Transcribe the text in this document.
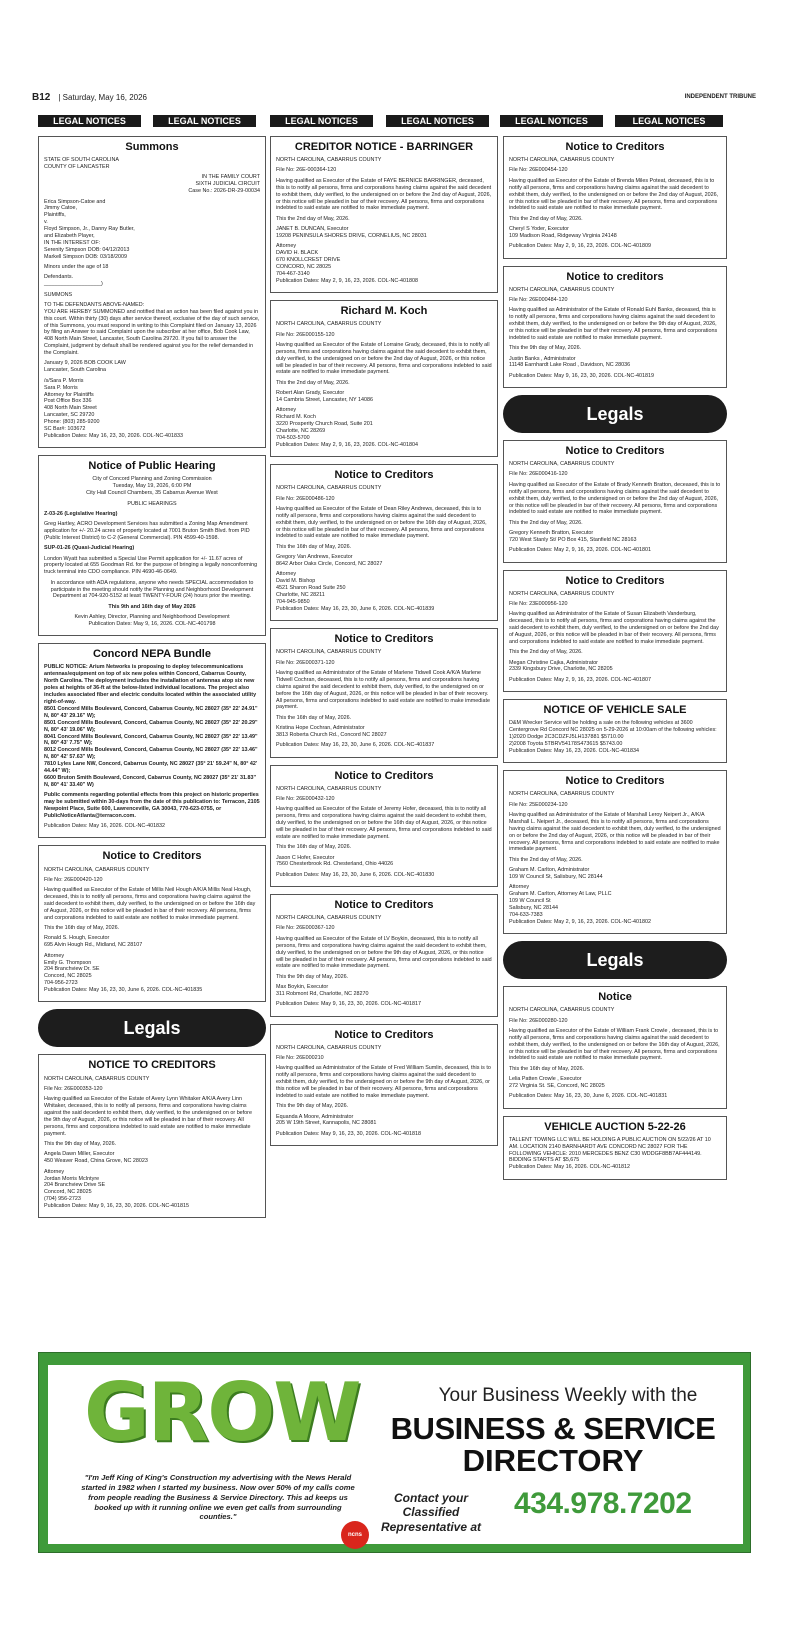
B12 | Saturday, May 16, 2026	INDEPENDENT TRIBUNE
LEGAL NOTICES	LEGAL NOTICES	LEGAL NOTICES	LEGAL NOTICES	LEGAL NOTICES	LEGAL NOTICES
Summons

STATE OF SOUTH CAROLINA
COUNTY OF LANCASTER

IN THE FAMILY COURT
SIXTH JUDICIAL CIRCUIT
Case No.: 2026-DR-29-00034

Erica Simpson-Catoe and
Jimmy Catoe,
Plaintiffs,
v.
Floyd Simpson, Jr., Danny Ray Butler,
and Elizabeth Player,
IN THE INTEREST OF:
Serenity Simpson DOB: 04/12/2013
Markell Simpson DOB: 03/18/2009

Minors under the age of 18

Defendants.
___________________)

SUMMONS

TO THE DEFENDANTS ABOVE-NAMED:
YOU ARE HEREBY SUMMONED and notified that an action has been filed against you in this court. Within thirty (30) days after service thereof, exclusive of the day of such service, of this Summons, you must respond in writing to this Complaint filed on January 13, 2026 by filing an Answer to said Complaint upon the subscriber at her office, Bob Cook Law, 408 North Main Street, Lancaster, South Carolina 29720. If you fail to answer the Complaint, judgment by default shall be rendered against you for the relief demanded in the Complaint.

January 9, 2026 BOB COOK LAW
Lancaster, South Carolina

/s/Sara P. Morris
Sara P. Morris
Attorney for Plaintiffs
Post Office Box 336
408 North Main Street
Lancaster, SC 29720
Phone: (803) 285-9200
SC Bar#: 103672
Publication Dates: May 16, 23, 30, 2026. COL-NC-401833

Notice of Public Hearing

City of Concord Planning and Zoning Commission
Tuesday, May 19, 2026, 6:00 PM
City Hall Council Chambers, 35 Cabarrus Avenue West

PUBLIC HEARINGS

Z-03-26 (Legislative Hearing)

Greg Hartley, ACRO Development Services has submitted a Zoning Map Amendment application for +/- 20.24 acres of property located at 7001 Bruton Smith Blvd. from PID (Public Interest District) to C-2 (General Commercial). PIN 4599-40-1598.

SUP-01-26 (Quasi-Judicial Hearing)

London Wyatt has submitted a Special Use Permit application for +/- 11.67 acres of property located at 655 Goodman Rd. for the purpose of bringing a legally nonconforming truck terminal into CDO compliance. PIN 4690-46-0649.

In accordance with ADA regulations, anyone who needs SPECIAL accommodation to participate in the meeting should notify the Planning and Neighborhood Development Department at 704-920-5152 at least TWENTY-FOUR (24) hours prior the meeting.

This 9th and 16th day of May 2026

Kevin Ashley, Director, Planning and Neighborhood Development
Publication Dates: May 9, 16, 2026. COL-NC-401798

Concord NEPA Bundle

PUBLIC NOTICE: Arium Networks is proposing to deploy telecommunications antennas/equipment on top of six new poles within Concord, Cabarrus County, North Carolina. The deployment includes the installation of antennas atop six new poles at heights of 36-ft at the below-listed individual locations. The project also includes associated fiber and electric conduits located within the associated utility right-of-way.
8501 Concord Mills Boulevard, Concord, Cabarrus County, NC 28027 (35° 22' 24.91" N, 80° 43' 29.16" W);
8501 Concord Mills Boulevard, Concord, Cabarrus County, NC 28027 (35° 22' 20.29" N, 80° 43' 19.06" W);
8041 Concord Mills Boulevard, Concord, Cabarrus County, NC 28027 (35° 22' 13.49" N, 80° 43' 7.75" W);
8012 Concord Mills Boulevard, Concord, Cabarrus County, NC 28027 (35° 22' 13.46" N, 80° 42' 57.63" W);
7810 Lyles Lane NW, Concord, Cabarrus County, NC 28027 (35° 21' 59.24" N, 80° 42' 44.44" W);
6600 Bruton Smith Boulevard, Concord, Cabarrus County, NC 28027 (35° 21' 31.83" N, 80° 41' 33.40" W)

Public comments regarding potential effects from this project on historic properties may be submitted within 30-days from the date of this publication to: Terracon, 2105 Newpoint Place, Suite 600, Lawrenceville, GA 30043, 770-623-0755, or PublicNoticeAtlanta@terracon.com.

Publication Dates: May 16, 2026. COL-NC-401832

Notice to Creditors

NORTH CAROLINA, CABARRUS COUNTY

File No: 26E000420-120

Having qualified as Executor of the Estate of Millis Neil Hough A/K/A Millis Neal Hough, deceased, this is to notify all persons, firms and corporations having claims against the said decedent to exhibit them, duly verified, to the undersigned on or before the 16th day of August, 2026, or this notice will be pleaded in bar of their recovery. All persons, firms and corporations indebted to said estate are notified to make immediate payment.

This the 16th day of May, 2026.

Ronald S. Hough, Executor
695 Alvin Hough Rd., Midland, NC 28107

Attorney
Emily G. Thompson
204 Branchview Dr. SE
Concord, NC 28025
704-956-2723
Publication Dates: May 16, 23, 30, June 6, 2026. COL-NC-401835

Legals
NOTICE TO CREDITORS

NORTH CAROLINA, CABARRUS COUNTY

File No: 26E000353-120

Having qualified as Executor of the Estate of Avery Lynn Whitaker A/K/A Avery Linn Whitaker, deceased, this is to notify all persons, firms and corporations having claims against the said decedent to exhibit them, duly verified, to the undersigned on or before the 9th day of August, 2026, or this notice will be pleaded in bar of their recovery. All persons, firms and corporations indebted to said estate are notified to make immediate payment.

This the 9th day of May, 2026.

Angela Dawn Miller, Executor
450 Weaver Road, China Grove, NC 28023

Attorney
Jordan Morris McIntyre
204 Branchview Drive SE
Concord, NC 28025
(704) 956-2723
Publication Dates: May 9, 16, 23, 30, 2026. COL-NC-401815

CREDITOR NOTICE - BARRINGER

NORTH CAROLINA, CABARRUS COUNTY

File No: 26E-000364-120

Having qualified as Executor of the Estate of FAYE BERNICE BARRINGER, deceased, this is to notify all persons, firms and corporations having claims against the said decedent to exhibit them, duly verified, to the undersigned on or before the 2nd day of August, 2026, or this notice will be pleaded in bar of their recovery. All persons, firms and corporations indebted to said estate are notified to make immediate payment.

This the 2nd day of May, 2026.

JANET B. DUNCAN, Executor
19208 PENINSULA SHORES DRIVE, CORNELIUS, NC 28031

Attorney
DAVID H. BLACK
670 KNOLLCREST DRIVE
CONCORD, NC 28025
704-467-3140
Publication Dates: May 2, 9, 16, 23, 2026. COL-NC-401808

Richard M. Koch

NORTH CAROLINA, CABARRUS COUNTY

File No: 26E000155-120

Having qualified as Executor of the Estate of Lorraine Grady, deceased, this is to notify all persons, firms and corporations having claims against the said decedent to exhibit them, duly verified, to the undersigned on or before the 2nd day of August, 2026, or this notice will be pleaded in bar of their recovery. All persons, firms and corporations indebted to said estate are notified to make immediate payment.

This the 2nd day of May, 2026.

Robert Alan Grady, Executor
14 Cambria Street, Lancaster, NY 14086

Attorney
Richard M. Koch
3220 Prosperity Church Road, Suite 201
Charlotte, NC 28269
704-503-5700
Publication Dates: May 2, 9, 16, 23, 2026. COL-NC-401804

Notice to Creditors

NORTH CAROLINA, CABARRUS COUNTY

File No: 26E000486-120

Having qualified as Executor of the Estate of Dean Riley Andrews, deceased, this is to notify all persons, firms and corporations having claims against the said decedent to exhibit them, duly verified, to the undersigned on or before the 16th day of August, 2026, or this notice will be pleaded in bar of their recovery. All persons, firms and corporations indebted to said estate are notified to make immediate payment.

This the 16th day of May, 2026.

Gregory Van Andrews, Executor
8642 Arbor Oaks Circle, Concord, NC 28027

Attorney
David M. Bishop
4521 Sharon Road Suite 250
Charlotte, NC 28211
704-945-9850
Publication Dates: May 16, 23, 30, June 6, 2026. COL-NC-401839

Notice to Creditors

NORTH CAROLINA, CABARRUS COUNTY

File No: 26E000371-120

Having qualified as Administrator of the Estate of Marlene Tidwell Cook A/K/A Marlene Tidwell Cochran, deceased, this is to notify all persons, firms and corporations having claims against the said decedent to exhibit them, duly verified, to the undersigned on or before the 16th day of August, 2026, or this notice will be pleaded in bar of their recovery. All persons, firms and corporations indebted to said estate are notified to make immediate payment.

This the 16th day of May, 2026.

Kristina Hope Cochran, Administrator
3813 Roberta Church Rd., Concord NC 28027

Publication Dates: May 16, 23, 30, June 6, 2026. COL-NC-401837

Notice to Creditors

NORTH CAROLINA, CABARRUS COUNTY

File No: 26E000432-120

Having qualified as Executor of the Estate of Jeremy Hofer, deceased, this is to notify all persons, firms and corporations having claims against the said decedent to exhibit them, duly verified, to the undersigned on or before the 16th day of August, 2026, or this notice will be pleaded in bar of their recovery. All persons, firms and corporations indebted to said estate are notified to make immediate payment.

This the 16th day of May, 2026.

Jason C Hofer, Executor
7560 Chesterbrook Rd. Chesterland, Ohio 44026

Publication Dates: May 16, 23, 30, June 6, 2026. COL-NC-401830

Notice to Creditors

NORTH CAROLINA, CABARRUS COUNTY

File No: 26E000367-120

Having qualified as Executor of the Estate of LV Boykin, deceased, this is to notify all persons, firms and corporations having claims against the said decedent to exhibit them, duly verified, to the undersigned on or before the 9th day of August, 2026, or this notice will be pleaded in bar of their recovery. All persons, firms and corporations indebted to said estate are notified to make immediate payment.

This the 9th day of May, 2026.

Max Boykin, Executor
311 Robmont Rd, Charlotte, NC 28270

Publication Dates: May 9, 16, 23, 30, 2026. COL-NC-401817

Notice to Creditors

NORTH CAROLINA, CABARRUS COUNTY

File No: 26E000210

Having qualified as Administrator of the Estate of Fred William Sumlin, deceased, this is to notify all persons, firms and corporations having claims against the said decedent to exhibit them, duly verified, to the undersigned on or before the 9th day of August, 2026, or this notice will be pleaded in bar of their recovery. All persons, firms and corporations indebted to said estate are notified to make immediate payment.

This the 9th day of May, 2026.

Equanda A Moore, Administrator
205 W 19th Street, Kannapolis, NC 28081

Publication Dates: May 9, 16, 23, 30, 2026. COL-NC-401818

Notice to Creditors

NORTH CAROLINA, CABARRUS COUNTY

File No: 26E000454-120

Having qualified as Executor of the Estate of Brenda Miles Poteat, deceased, this is to notify all persons, firms and corporations having claims against the said decedent to exhibit them, duly verified, to the undersigned on or before the 2nd day of August, 2026, or this notice will be pleaded in bar of their recovery. All persons, firms and corporations indebted to said estate are notified to make immediate payment.

This the 2nd day of May, 2026.

Cheryl S Yoder, Executor
109 Madison Road, Ridgeway Virginia 24148

Publication Dates: May 2, 9, 16, 23, 2026. COL-NC-401809

Notice to creditors

NORTH CAROLINA, CABARRUS COUNTY

File No: 26E000484-120

Having qualified as Administrator of the Estate of Ronald Euhl Banks, deceased, this is to notify all persons, firms and corporations having claims against the said decedent to exhibit them, duly verified, to the undersigned on or before the 9th day of August, 2026, or this notice will be pleaded in bar of their recovery. All persons, firms and corporations indebted to said estate are notified to make immediate payment.

This the 9th day of May, 2026.

Justin Banks , Administrator
11148 Earnhardt Lake Road , Davidson, NC 28036

Publication Dates: May 9, 16, 23, 30, 2026. COL-NC-401819

Legals
Notice to Creditors

NORTH CAROLINA, CABARRUS COUNTY

File No: 26E000416-120

Having qualified as Executor of the Estate of Brady Kenneth Bratton, deceased, this is to notify all persons, firms and corporations having claims against the said decedent to exhibit them, duly verified, to the undersigned on or before the 2nd day of August, 2026, or this notice will be pleaded in bar of their recovery. All persons, firms and corporations indebted to said estate are notified to make immediate payment.

This the 2nd day of May, 2026.

Gregory Kenneth Bratton, Executor
720 West Stanly St/ PO Box 415, Stanfield NC 28163

Publication Dates: May 2, 9, 16, 23, 2026. COL-NC-401801

Notice to Creditors

NORTH CAROLINA, CABARRUS COUNTY

File No: 23E000956-120

Having qualified as Administrator of the Estate of Susan Elizabeth Vanderburg, deceased, this is to notify all persons, firms and corporations having claims against the said decedent to exhibit them, duly verified, to the undersigned on or before the 2nd day of August, 2026, or this notice will be pleaded in bar of their recovery. All persons, firms and corporations indebted to said estate are notified to make immediate payment.

This the 2nd day of May, 2026.

Megan Christine Cajka, Administrator
2339 Kingsbury Drive, Charlotte, NC 28205

Publication Dates: May 2, 9, 16, 23, 2026. COL-NC-401807

NOTICE OF VEHICLE SALE

D&M Wrecker Service will be holding a sale on the following vehicles at 3600 Centergrove Rd Concord NC 28025 on 5-29-2026 at 10:00am of the following vehicles:
1)2020 Dodge 2C3CDZFJ5LH137881 $5710.00
2)2008 Toyota 5TBRV54178S473615 $5743.00
Publication Dates: May 16, 23, 2026. COL-NC-401834

Notice to Creditors

NORTH CAROLINA, CABARRUS COUNTY

File No: 25E000234-120

Having qualified as Administrator of the Estate of Marshall Leroy Neipert Jr., A/K/A Marshall L. Neipert Jr., deceased, this is to notify all persons, firms and corporations having claims against the said decedent to exhibit them, duly verified, to the undersigned on or before the 2nd day of August, 2026, or this notice will be pleaded in bar of their recovery. All persons, firms and corporations indebted to said estate are notified to make immediate payment.

This the 2nd day of May, 2026.

Graham M. Carlton, Administrator
109 W Council St, Salisbury, NC 28144

Attorney
Graham M. Carlton, Attorney At Law, PLLC
109 W Council St
Salisbury, NC 28144
704-633-7383
Publication Dates: May 2, 9, 16, 23, 2026. COL-NC-401802

Legals
Notice

NORTH CAROLINA, CABARRUS COUNTY

File No: 26E000280-120

Having qualified as Executor of the Estate of William Frank Crowle , deceased, this is to notify all persons, firms and corporations having claims against the said decedent to exhibit them, duly verified, to the undersigned on or before the 16th day of August, 2026, or this notice will be pleaded in bar of their recovery. All persons, firms and corporations indebted to said estate are notified to make immediate payment.

This the 16th day of May, 2026.

Lelia Patten Crowle , Executor
272 Virginia St. SE, Concord, NC 28025

Publication Dates: May 16, 23, 30, June 6, 2026. COL-NC-401831

VEHICLE AUCTION 5-22-26

TALLENT TOWING LLC WILL BE HOLDING A PUBLIC AUCTION ON 5/22/26 AT 10 AM. LOCATION 2140 BARNHARDT AVE CONCORD NC 28027 FOR THE FOLLOWING VEHICLE: 2010 MERCEDES BENZ C30 WDDGF8BB7AF444149. BIDDING STARTS AT $5,675
Publication Dates: May 16, 2026. COL-NC-401812

GROW
"I'm Jeff King of King's Construction my advertising with the News Herald started in 1982 when I started my business. Now over 50% of my calls come from people reading the Business & Service Directory. This ad keeps us booked up with it running online we even get calls from surrounding counties."
ncns
Your Business Weekly with the
BUSINESS & SERVICE
DIRECTORY
Contact your Classified Representative at
434.978.7202
